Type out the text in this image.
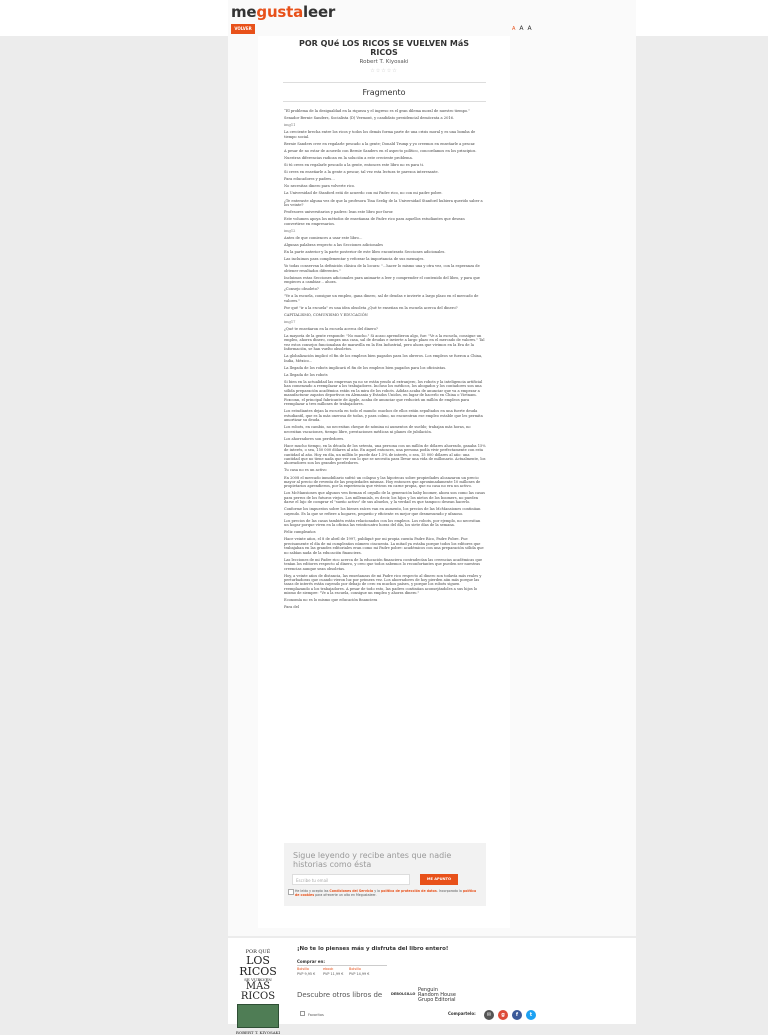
megustaleer
VOLVER	A A A
POR QUé LOS RICOS SE VUELVEN MáS RICOS
Robert T. Kiyosaki
☆☆☆☆☆
Fragmento

“El problema de la desigualdad en la riqueza y el ingreso es el gran dilema moral de nuestro tiempo.”

Senador Bernie Sanders, Socialista (D) Vermont, y candidato presidencial demócrata a 2016.

img11

La creciente brecha entre los ricos y todos los demás forma parte de una crisis moral y es una bomba de tiempo social.

Bernie Sanders cree en regalarle pescado a la gente; Donald Trump y yo creemos en enseñarle a pescar.

A pesar de no estar de acuerdo con Bernie Sanders en el aspecto político, concordamos en los principios.

Nuestras diferencias radican en la solución a este creciente problema.

Si tú crees en regalarle pescado a la gente, entonces este libro no es para ti.

Si crees en enseñarle a la gente a pescar, tal vez esta lectura te parezca interesante.

Para educadores y padres…

No necesitas dinero para volverte rico.

La Universidad de Stanford está de acuerdo con mi Padre rico, no con mi padre pobre.

¿Te enteraste alguna vez de que la profesora Tina Seelig de la Universidad Stanford hubiera querido saber a los veinte?

Profesores universitarios y padres: lean este libro por favor.

Este volumen apoya los métodos de enseñanza de Padre rico para aquellos estudiantes que desean convertirse en empresarios.

img12

Antes de que comiences a usar este libro…

Algunas palabras respecto a las Secciones adicionales

En la parte anterior y la parte posterior de este libro encontrarás Secciones adicionales.

Las incluimos para complementar y reforzar la importancia de sus mensajes.

Yo todas conservan la definición clásica de la locura: "…hacer lo mismo una y otra vez, con la esperanza de obtener resultados diferentes."

Incluimos estas Secciones adicionales para animarte a leer y comprender el contenido del libro, y para que empieces a cambiar… ahora.

¿Consejo obsoleto?

"Ve a la escuela, consigue un empleo, gana dinero, sal de deudas e invierte a largo plazo en el mercado de valores."

Por qué "ir a la escuela" es una idea obsoleta ¿Qué te enseñan en la escuela acerca del dinero?

CAPITALISMO, COMUNISMO Y EDUCACIÓN

img17

¿Qué te enseñaron en la escuela acerca del dinero?

La mayoría de la gente responde: "No mucho." Si acaso aprendieron algo, fue: "Ve a la escuela, consigue un empleo, ahorra dinero, compra una casa, sal de deudas e invierte a largo plazo en el mercado de valores." Tal vez estos consejos funcionaban de maravilla en la Era Industrial, pero ahora que vivimos en la Era de la Información, se han vuelto obsoletos.

La globalización implicó el fin de los empleos bien pagados para los obreros. Los empleos se fueron a China, India, México…

La llegada de los robots implicará el fin de los empleos bien pagados para los oficinistas.

La llegada de los robots

Si bien en la actualidad las empresas ya no se están yendo al extranjero, los robots y la inteligencia artificial han comenzado a reemplazar a los trabajadores. Incluso los médicos, los abogados y los contadores son una sólida preparación académica están en la mira de los robots. Adidas acaba de anunciar que va a empezar a manufacturar zapatos deportivos en Alemania y Estados Unidos, en lugar de hacerlo en China o Vietnam. Foxconn, el principal fabricante de Apple, acaba de anunciar que reducirá un millón de empleos para reemplazar a tres millones de trabajadores.

Los estudiantes dejan la escuela en todo el mundo: muchos de ellos están sepultados en una fuerte deuda estudiantil, que es la más onerosa de todas, y para colmo, no encuentran ese empleo estable que les permita amortizar su deuda.

Los robots, en cambio, no necesitan cheque de nómina ni aumentos de sueldo; trabajan más horas, no necesitan vacaciones, tiempo libre, prestaciones médicas ni planes de jubilación.

Los ahorradores son perdedores.

Hace mucho tiempo, en la década de los setenta, una persona con un millón de dólares ahorrado, ganaba 15% de interés, o sea, 150 000 dólares al año. En aquel entonces, una persona podía vivir perfectamente con esta cantidad al año. Hoy en día, un millón le puede dar 1.5% de interés, o sea, 15 000 dólares al año: una cantidad que no tiene nada que ver con lo que se necesita para llevar una vida de millonario. Actualmente, los ahorradores son los grandes perdedores.

Tu casa no es un activo

En 2008 el mercado inmobiliario sufrió un colapso y las hipotecas sobre propiedades alcanzaron un precio mayor al precio de reventa de las propiedades mismas. Hoy entonces que aproximadamente 10 millones de propietarios aprendieron, por la experiencia que viviron en carne propia, que su casa no era un activo.

Los McMansiones que algunos ven forman el orgullo de la generación baby boomer, ahora son como las casas para perros de los futuros viejos. Los millennials, es decir, los hijos y los nietos de los boomers, no pueden darse el lujo de comprar el "sueño activo" de sus abuelos, y la verdad es que tampoco desean hacerlo.

Conforme los impuestos sobre los bienes raíces van en aumento, los precios de las McMansiones continúan cayendo. Es la que se refiere a hogares, pequeño y eficiente es mejor que desmesurado y ufanoso.

Los precios de las casas también están relacionados con los empleos. Los robots, por ejemplo, no necesitan un hogar porque viven en la oficina las veinticuatro horas del día, los siete días de la semana.

Feliz cumpleaños

Hace veinte años, el 8 de abril de 1997, publiqué por mi propia cuenta Padre Rico, Padre Pobre. Fue precisamente el día de mi cumpleaños número cincuenta. La mitad ya estaba porque todos los editores que trabajaban en las grandes editoriales eran como mi Padre pobre: académicos con una preparación sólida que no sabían nada de la educación financiera.

Las lecciones de mi Padre rico acerca de la educación financiera contradecían las creencias académicas que tenían los editores respecto al dinero, y creo que todos sabemos lo reconfortantes que pueden ser nuestras creencias aunque sean obsoletas.

Hoy, a veinte años de distancia, las enseñanzas de mi Padre rico respecto al dinero son todavía más reales y perturbadoras que cuando vieron luz por primera vez. Los ahorradores de hoy pierden aún más porque las tasas de interés están cayendo por debajo de cero en muchos países, y porque los robots siguen reemplazando a los trabajadores. A pesar de todo esto, las padres continúan aconsejándoles a sus hijos lo mismo de siempre: "Ve a la escuela, consigue un empleo y ahorra dinero."

Economía no es lo mismo que educación financiera

Para del

Sigue leyendo y recibe antes que nadie historias como ésta
Escribe tu email	ME APUNTO
He leído y acepto las Condiciones del Servicio y la política de protección de datos. Incorporado la política de cookies para ofrecerte un alta en Megustaleer.
POR QUÉ
LOS RICOS
SE VUELVEN
MÁS RICOS
ROBERT T. KIYOSAKI
¡No te lo pienses más y disfruta del libro entero!
Comprar en:
Bolsillo
PVP 9,95 €
ebook
PVP 11,99 €
Bolsillo
PVP 14,99 €
Descubre otros libros de	DEBOLSILLO
Penguin
Random House
Grupo Editorial
Favoritos	Compartelo:	✉	g	f	t
